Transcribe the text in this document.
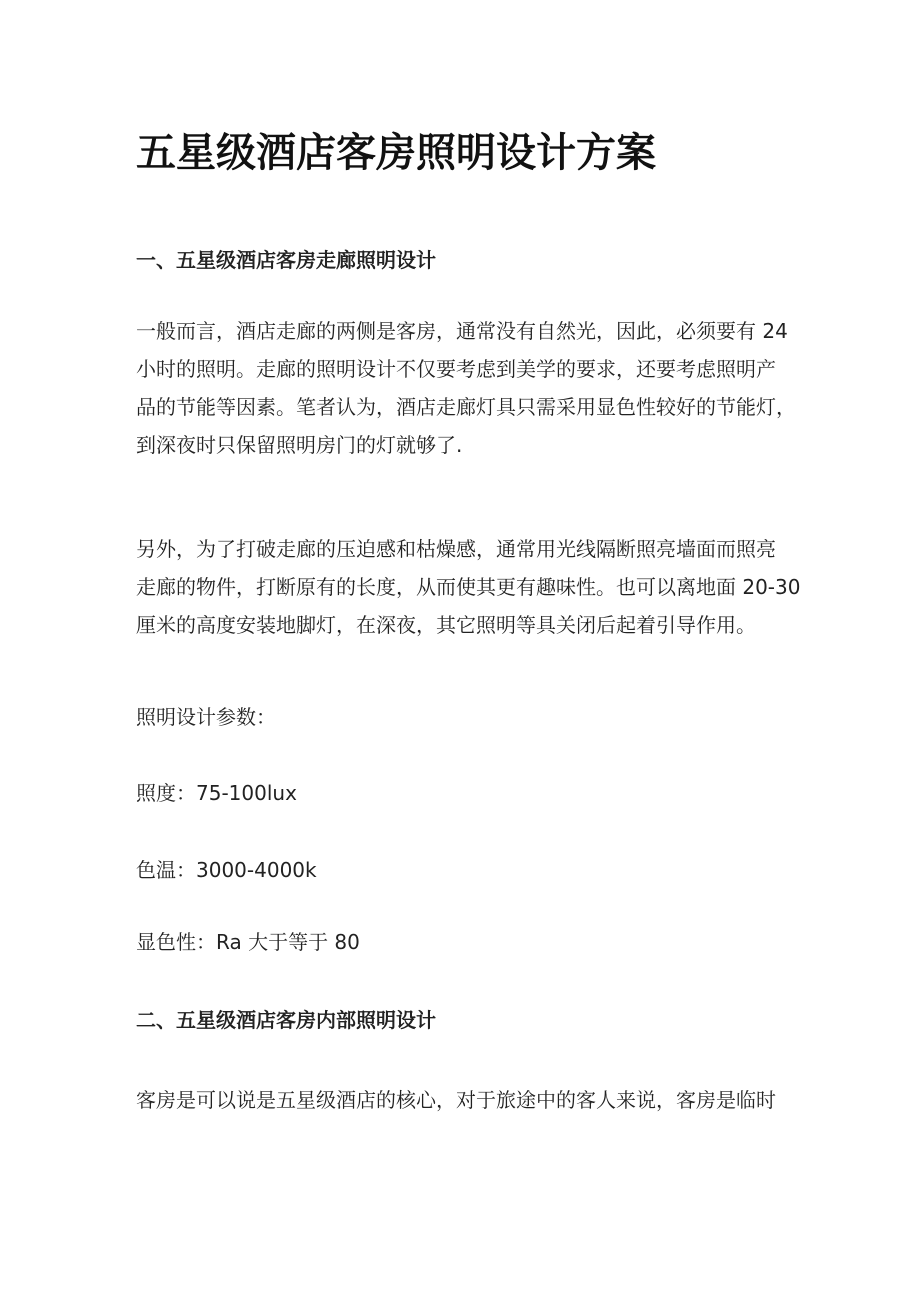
五星级酒店客房照明设计方案
一、五星级酒店客房走廊照明设计
一般而言，酒店走廊的两侧是客房，通常没有自然光，因此，必须要有 24
小时的照明。走廊的照明设计不仅要考虑到美学的要求，还要考虑照明产
品的节能等因素。笔者认为，酒店走廊灯具只需采用显色性较好的节能灯，
到深夜时只保留照明房门的灯就够了.
另外，为了打破走廊的压迫感和枯燥感，通常用光线隔断照亮墙面而照亮
走廊的物件，打断原有的长度，从而使其更有趣味性。也可以离地面 20-30
厘米的高度安装地脚灯，在深夜，其它照明等具关闭后起着引导作用。

照明设计参数：

照度：75-100lux

色温：3000-4000k

显色性：Ra 大于等于 80

二、五星级酒店客房内部照明设计

客房是可以说是五星级酒店的核心，对于旅途中的客人来说，客房是临时
